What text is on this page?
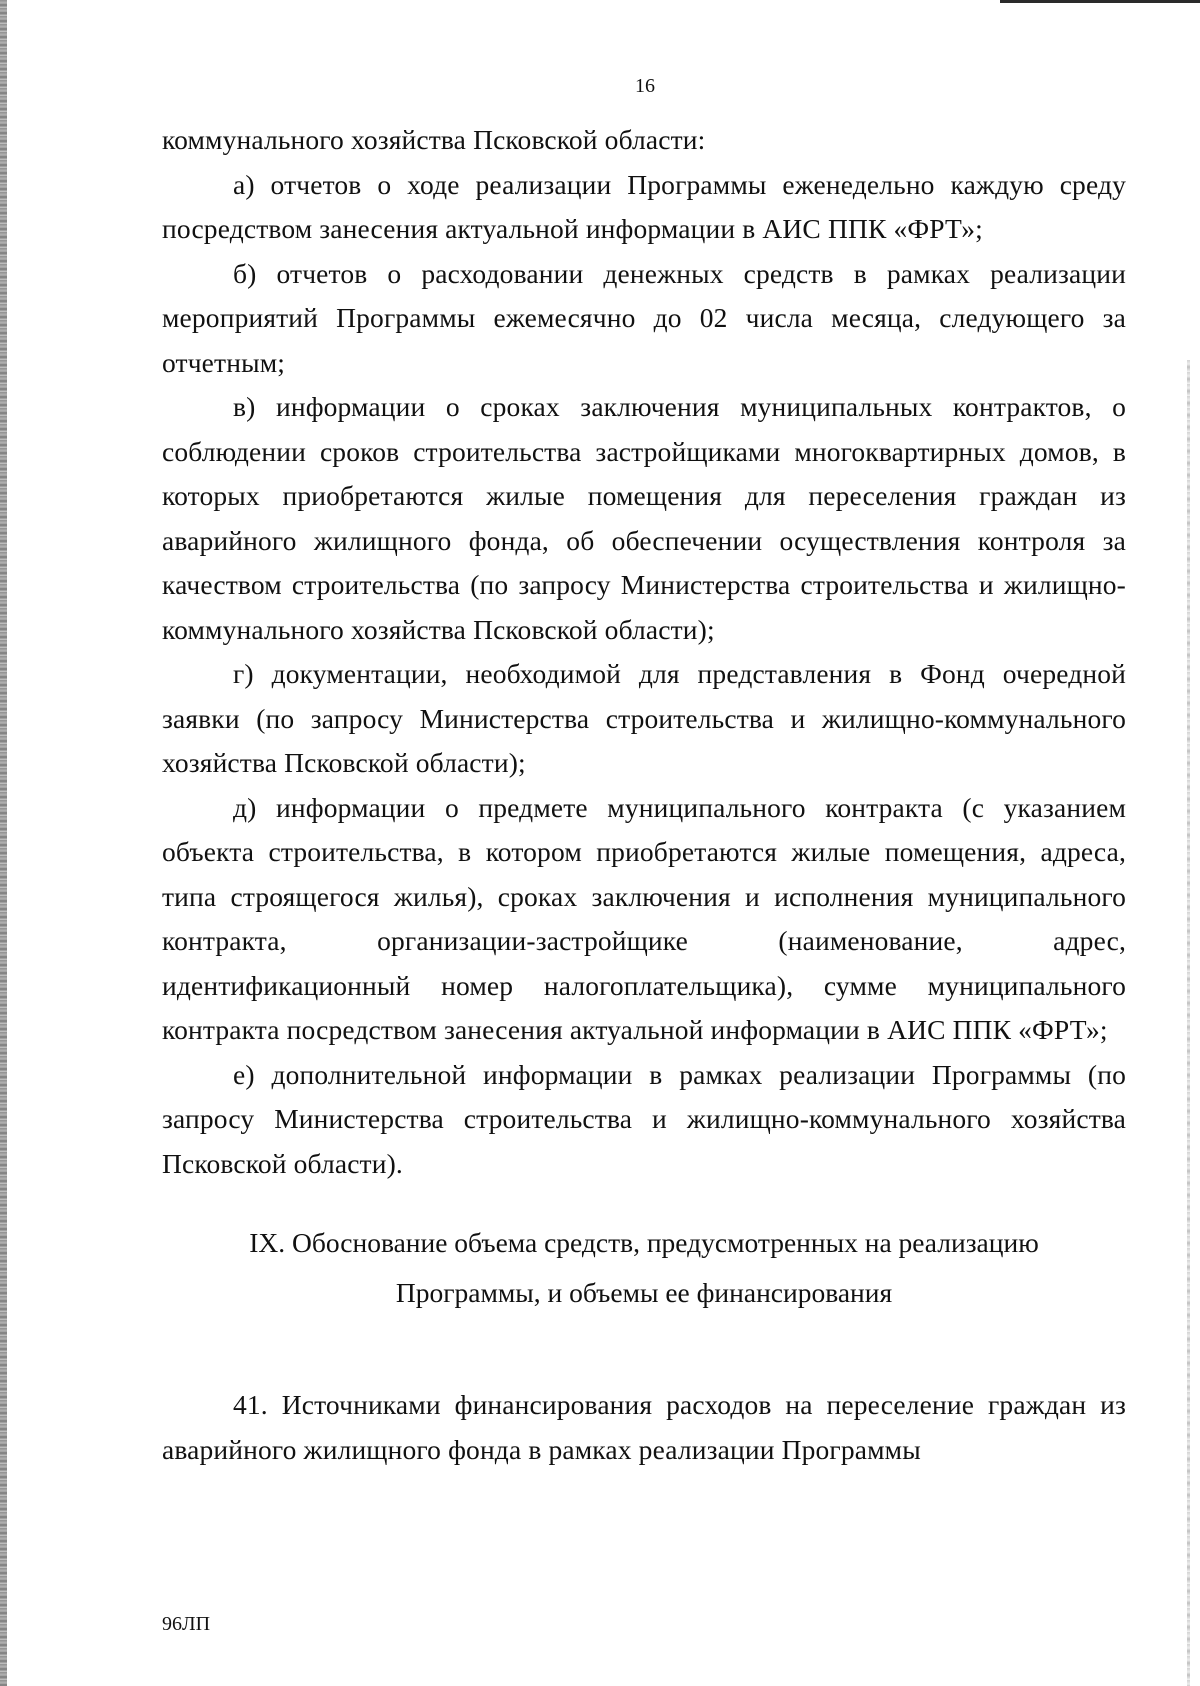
16

коммунального хозяйства Псковской области:

а) отчетов о ходе реализации Программы еженедельно каждую среду посредством занесения актуальной информации в АИС ППК «ФРТ»;

б) отчетов о расходовании денежных средств в рамках реализации мероприятий Программы ежемесячно до 02 числа месяца, следующего за отчетным;

в) информации о сроках заключения муниципальных контрактов, о соблюдении сроков строительства застройщиками многоквартирных домов, в которых приобретаются жилые помещения для переселения граждан из аварийного жилищного фонда, об обеспечении осуществления контроля за качеством строительства (по запросу Министерства строительства и жилищно-коммунального хозяйства Псковской области);

г) документации, необходимой для представления в Фонд очередной заявки (по запросу Министерства строительства и жилищно-коммунального хозяйства Псковской области);

д) информации о предмете муниципального контракта (с указанием объекта строительства, в котором приобретаются жилые помещения, адреса, типа строящегося жилья), сроках заключения и исполнения муниципального контракта, организации-застройщике (наименование, адрес, идентификационный номер налогоплательщика), сумме муниципального контракта посредством занесения актуальной информации в АИС ППК «ФРТ»;

е) дополнительной информации в рамках реализации Программы (по запросу Министерства строительства и жилищно-коммунального хозяйства Псковской области).

IX. Обоснование объема средств, предусмотренных на реализацию
Программы, и объемы ее финансирования

41. Источниками финансирования расходов на переселение граждан из аварийного жилищного фонда в рамках реализации Программы

96ЛП
